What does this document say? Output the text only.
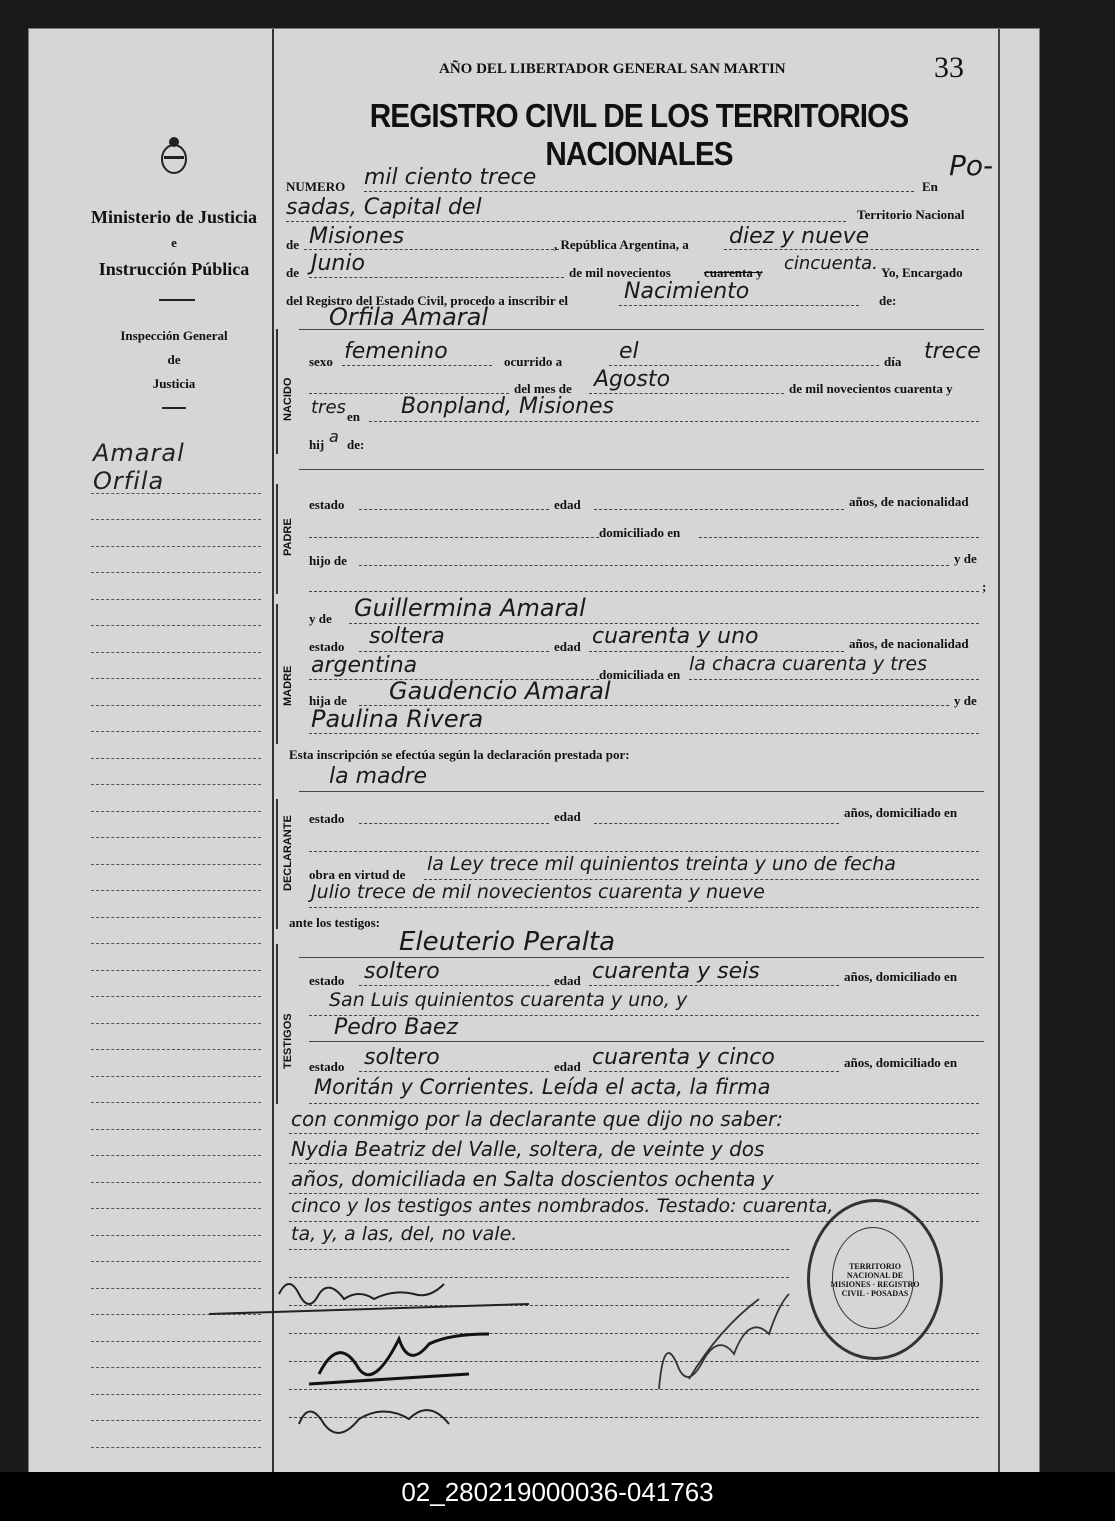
Ministerio de Justicia
e
Instrucción Pública
Inspección General
de
Justicia
Amaral
Orfila
AÑO DEL LIBERTADOR GENERAL SAN MARTIN	33
REGISTRO CIVIL DE LOS TERRITORIOS NACIONALES
NUMERO mil ciento trece	En
Po-
sadas, Capital del	Territorio Nacional
de Misiones	, República Argentina, a diez y nueve
de Junio	de mil novecientos	cuarenta y cincuenta. Yo, Encargado
del Registro del Estado Civil, procedo a inscribir el	Nacimiento	de:
NACIDO
Orfila Amaral
sexo femenino	ocurrido a	el	día trece
del mes de Agosto	de mil novecientos cuarenta y
tres en Bonpland, Misiones
hij a de:
PADRE
estado	edad	años, de nacionalidad
domiciliado en
hijo de	y de
;
MADRE
y de Guillermina Amaral
estado soltera	edad cuarenta y uno	años, de nacionalidad
argentina	domiciliada en la chacra cuarenta y tres
hija de Gaudencio Amaral	y de
Paulina Rivera
Esta inscripción se efectúa según la declaración prestada por:
la madre
DECLARANTE estado	edad	años, domiciliado en
obra en virtud de la Ley trece mil quinientos treinta y uno de fecha
Julio trece de mil novecientos cuarenta y nueve
ante los testigos:
Eleuterio Peralta
TESTIGOS
estado soltero	edad cuarenta y seis	años, domiciliado en
San Luis quinientos cuarenta y uno, y
Pedro Baez
estado soltero	edad cuarenta y cinco	años, domiciliado en
Moritán y Corrientes. Leída el acta, la firma
con conmigo por la declarante que dijo no saber:
Nydia Beatriz del Valle, soltera, de veinte y dos
años, domiciliada en Salta doscientos ochenta y
cinco y los testigos antes nombrados. Testado: cuarenta,
ta, y, a las, del, no vale.
TERRITORIO NACIONAL DE MISIONES · REGISTRO CIVIL · POSADAS
02_280219000036-041763
